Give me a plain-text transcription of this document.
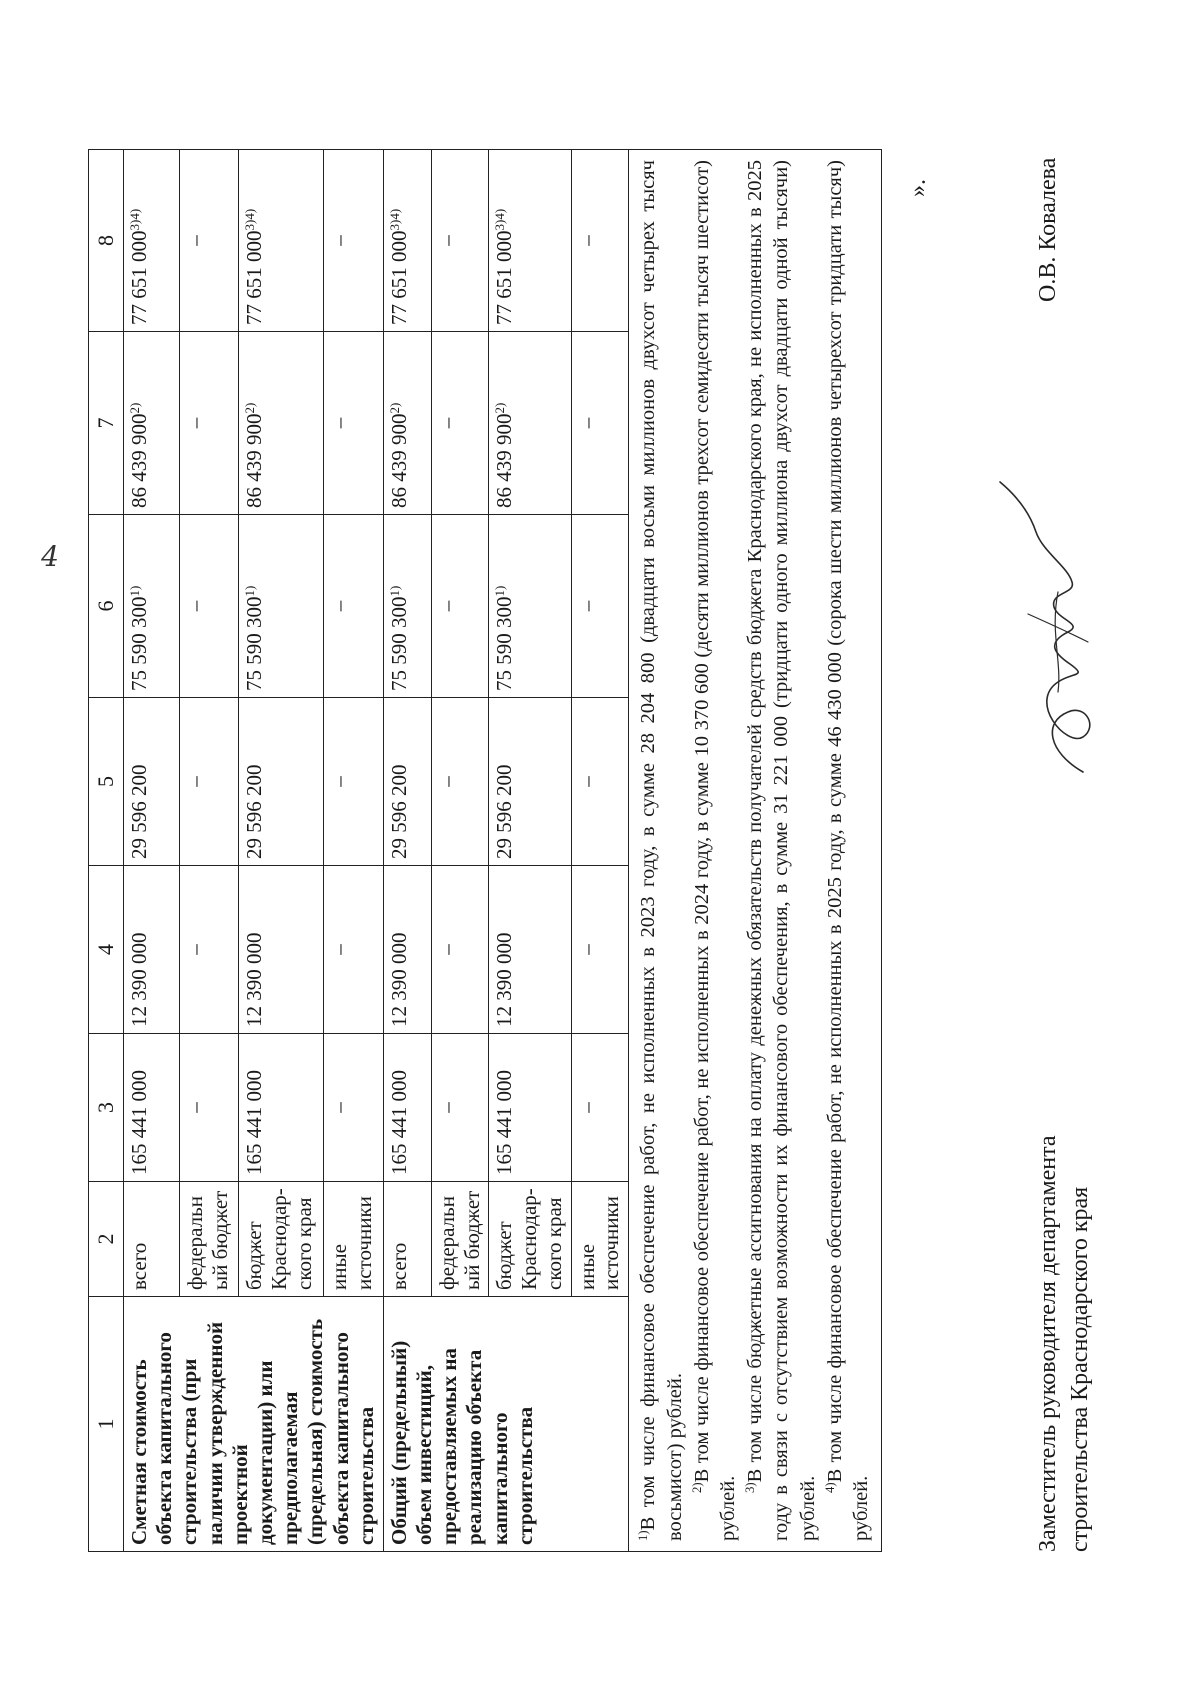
4
1	2	3	4	5	6	7	8
Сметная стоимость объекта капитального строительства (при наличии утвержденной проектной документации) или предполагаемая (предельная) стоимость объекта капитального строительства	всего	165 441 000	12 390 000	29 596 200	75 590 300$^{1)}$	86 439 900$^{2)}$	77 651 $000^{3)4)}$
	федеральный бюджет	–	–	–	–	–	–
	бюджет Краснодар-ского края	165 441 000	12 390 000	29 596 200	75 590 300$^{1)}$	86 439 900$^{2)}$	77 651 $000^{3)4)}$
	иные источники	–	–	–	–	–	–
Общий (предельный) объем инвестиций, предоставляемых на реализацию объекта капитального строительства	всего	165 441 000	12 390 000	29 596 200	75 590 300$^{1)}$	86 439 900$^{2)}$	77 651 $000^{3)4)}$
	федеральный бюджет	–	–	–	–	–	–
	бюджет Краснодар-ского края	165 441 000	12 390 000	29 596 200	75 590 300$^{1)}$	86 439 900$^{2)}$	77 651 $000^{3)4)}$
	иные источники	–	–	–	–	–	–

$^{1)}$В том числе финансовое обеспечение работ, не исполненных в 2023 году, в сумме 28 204 800 (двадцати восьми миллионов двухсот четырех тысяч восьмисот) рублей. $^{2)}$В том числе финансовое обеспечение работ, не исполненных в 2024 году, в сумме 10 370 600 (десяти миллионов трехсот семидесяти тысяч шестисот) рублей. $^{3)}$В том числе бюджетные ассигнования на оплату денежных обязательств получателей средств бюджета Краснодарского края, не исполненных в 2025 году в связи с отсутствием возможности их финансового обеспечения, в сумме 31 221 000 (тридцати одного миллиона двухсот двадцати одной тысячи) рублей. $^{4)}$В том числе финансовое обеспечение работ, не исполненных в 2025 году, в сумме 46 430 000 (сорока шести миллионов четырехсот тридцати тысяч) рублей.							

».
Заместитель руководителя департамента строительства Краснодарского края
О.В. Ковалева
